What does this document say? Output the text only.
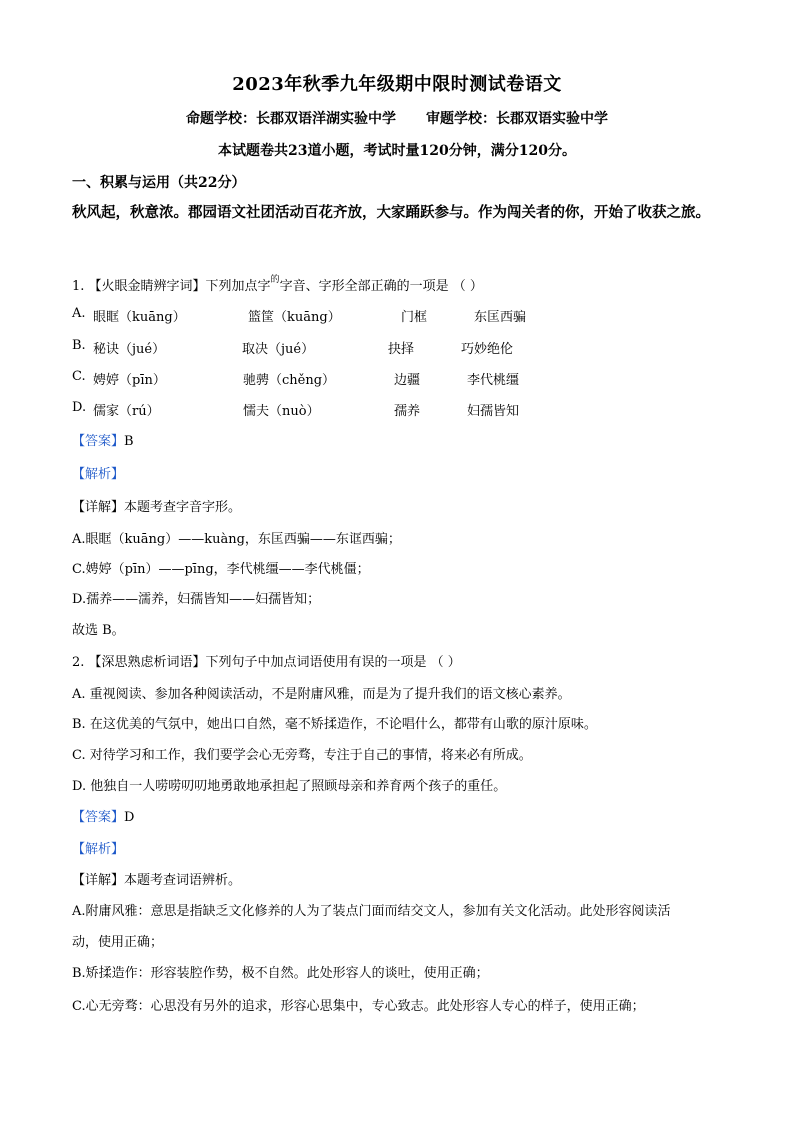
2023年秋季九年级期中限时测试卷语文
命题学校：长郡双语洋湖实验中学 审题学校：长郡双语实验中学
本试题卷共23道小题，考试时量120分钟，满分120分。
一、积累与运用（共22分）
秋风起，秋意浓。郡园语文社团活动百花齐放，大家踊跃参与。作为闯关者的你，开始了收获之旅。
1. 【火眼金睛辨字词】下列加点字$^的$字音、字形全部正确的一项是 （ ）
A. 眼眶（kuāng）	篮筐（kuāng）	门框	东匡西骗
B. 秘诀（jué）	取决（jué）	抉择	巧妙绝伦
C. 娉婷（pīn）	驰骋（chěng）	边疆	李代桃缰
D. 儒家（rú）	懦夫（nuò）	孺养	妇孺皆知
【答案】B
【解析】
【详解】本题考查字音字形。
A.眼眶（kuāng）——kuàng，东匡西骗——东诓西骗；
C.娉婷（pīn）——pīng，李代桃缰——李代桃僵；
D.孺养——濡养，妇孺皆知——妇孺皆知；
故选 B。
2. 【深思熟虑析词语】下列句子中加点词语使用有误的一项是 （ ）
A. 重视阅读、参加各种阅读活动，不是附庸风雅，而是为了提升我们的语文核心素养。
B. 在这优美的气氛中，她出口自然，毫不矫揉造作，不论唱什么，都带有山歌的原汁原味。
C. 对待学习和工作，我们要学会心无旁骛，专注于自己的事情，将来必有所成。
D. 他独自一人唠唠叨叨地勇敢地承担起了照顾母亲和养育两个孩子的重任。
【答案】D
【解析】
【详解】本题考查词语辨析。
A.附庸风雅：意思是指缺乏文化修养的人为了装点门面而结交文人，参加有关文化活动。此处形容阅读活
动，使用正确；
B.矫揉造作：形容装腔作势，极不自然。此处形容人的谈吐，使用正确；
C.心无旁骛：心思没有另外的追求，形容心思集中，专心致志。此处形容人专心的样子，使用正确；
